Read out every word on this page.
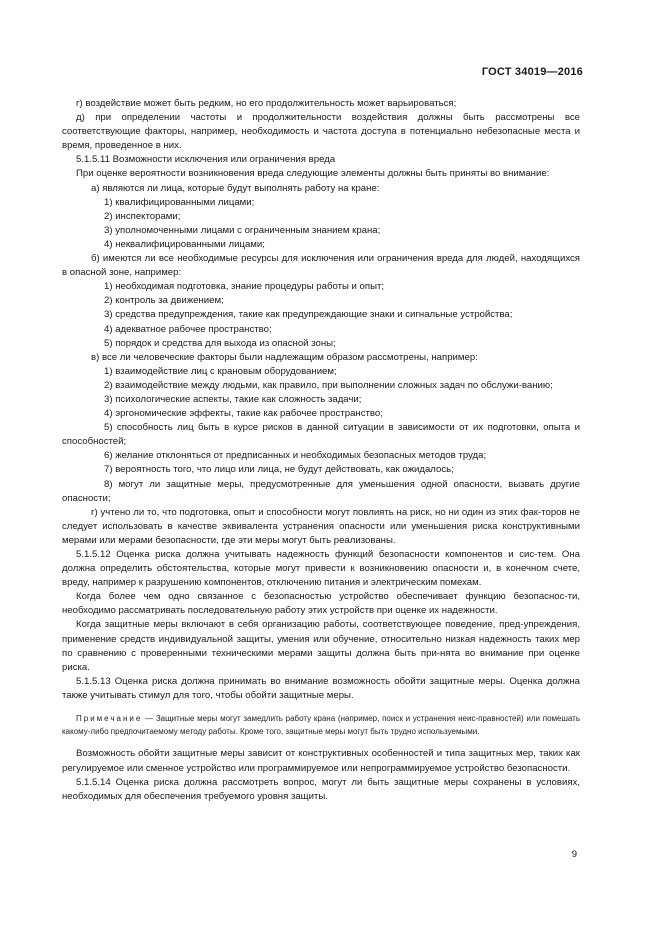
ГОСТ 34019—2016

г) воздействие может быть редким, но его продолжительность может варьироваться;

д) при определении частоты и продолжительности воздействия должны быть рассмотрены все соответствующие факторы, например, необходимость и частота доступа в потенциально небезопасные места и время, проведенное в них.

5.1.5.11 Возможности исключения или ограничения вреда

При оценке вероятности возникновения вреда следующие элементы должны быть приняты во внимание:

а) являются ли лица, которые будут выполнять работу на кране:

1) квалифицированными лицами;

2) инспекторами;

3) уполномоченными лицами с ограниченным знанием крана;

4) неквалифицированными лицами;

б) имеются ли все необходимые ресурсы для исключения или ограничения вреда для людей, находящихся в опасной зоне, например:

1) необходимая подготовка, знание процедуры работы и опыт;

2) контроль за движением;

3) средства предупреждения, такие как предупреждающие знаки и сигнальные устройства;

4) адекватное рабочее пространство;

5) порядок и средства для выхода из опасной зоны;

в) все ли человеческие факторы были надлежащим образом рассмотрены, например:

1) взаимодействие лиц с крановым оборудованием;

2) взаимодействие между людьми, как правило, при выполнении сложных задач по обслужи-ванию;

3) психологические аспекты, такие как сложность задачи;

4) эргономические эффекты, такие как рабочее пространство;

5) способность лиц быть в курсе рисков в данной ситуации в зависимости от их подготовки, опыта и способностей;

6) желание отклоняться от предписанных и необходимых безопасных методов труда;

7) вероятность того, что лицо или лица, не будут действовать, как ожидалось;

8) могут ли защитные меры, предусмотренные для уменьшения одной опасности, вызвать другие опасности;

г) учтено ли то, что подготовка, опыт и способности могут повлиять на риск, но ни один из этих фак-торов не следует использовать в качестве эквивалента устранения опасности или уменьшения риска конструктивными мерами или мерами безопасности, где эти меры могут быть реализованы.

5.1.5.12 Оценка риска должна учитывать надежность функций безопасности компонентов и сис-тем. Она должна определить обстоятельства, которые могут привести к возникновению опасности и, в конечном счете, вреду, например к разрушению компонентов, отключению питания и электрическим помехам.

Когда более чем одно связанное с безопасностью устройство обеспечивает функцию безопаснос-ти, необходимо рассматривать последовательную работу этих устройств при оценке их надежности.

Когда защитные меры включают в себя организацию работы, соответствующее поведение, пред-упреждения, применение средств индивидуальной защиты, умения или обучение, относительно низкая надежность таких мер по сравнению с проверенными техническими мерами защиты должна быть при-нята во внимание при оценке риска.

5.1.5.13 Оценка риска должна принимать во внимание возможность обойти защитные меры. Оценка должна также учитывать стимул для того, чтобы обойти защитные меры.

Примечание — Защитные меры могут замедлить работу крана (например, поиск и устранения неис-правностей) или помешать какому-либо предпочитаемому методу работы. Кроме того, защитные меры могут быть трудно используемыми.

Возможность обойти защитные меры зависит от конструктивных особенностей и типа защитных мер, таких как регулируемое или сменное устройство или программируемое или непрограммируемое устройство безопасности.

5.1.5.14 Оценка риска должна рассмотреть вопрос, могут ли быть защитные меры сохранены в условиях, необходимых для обеспечения требуемого уровня защиты.

9
